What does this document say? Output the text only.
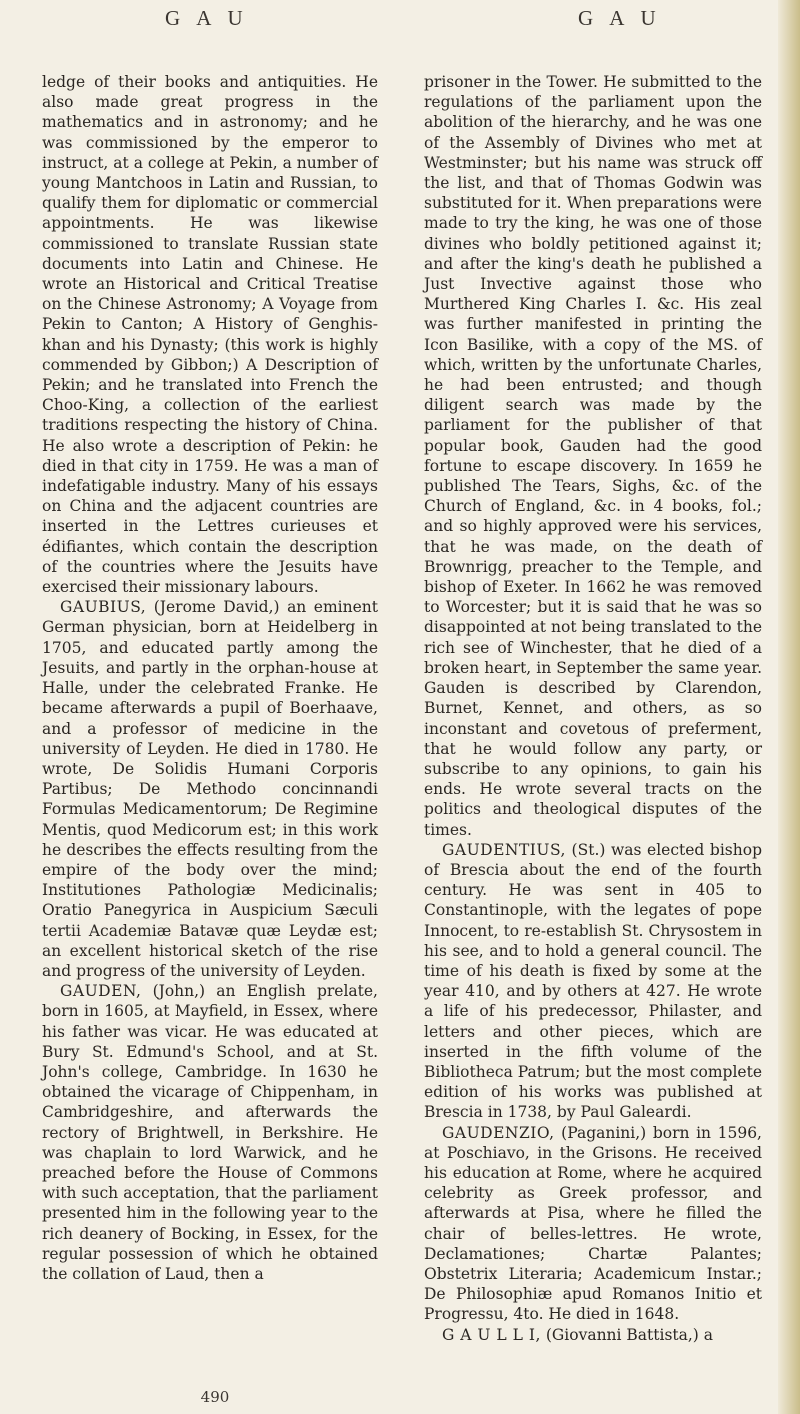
G A U	G A U

ledge of their books and antiquities. He also made great progress in the mathematics and in astronomy; and he was commissioned by the emperor to instruct, at a college at Pekin, a number of young Mantchoos in Latin and Russian, to qualify them for diplomatic or commercial appointments. He was likewise commissioned to translate Russian state documents into Latin and Chinese. He wrote an Historical and Critical Treatise on the Chinese Astronomy; A Voyage from Pekin to Canton; A History of Genghis-khan and his Dynasty; (this work is highly commended by Gibbon;) A Description of Pekin; and he translated into French the Choo-King, a collection of the earliest traditions respecting the history of China. He also wrote a description of Pekin: he died in that city in 1759. He was a man of indefatigable industry. Many of his essays on China and the adjacent countries are inserted in the Lettres curieuses et édifiantes, which contain the description of the countries where the Jesuits have exercised their missionary labours.

GAUBIUS, (Jerome David,) an eminent German physician, born at Heidelberg in 1705, and educated partly among the Jesuits, and partly in the orphan-house at Halle, under the celebrated Franke. He became afterwards a pupil of Boerhaave, and a professor of medicine in the university of Leyden. He died in 1780. He wrote, De Solidis Humani Corporis Partibus; De Methodo concinnandi Formulas Medicamentorum; De Regimine Mentis, quod Medicorum est; in this work he describes the effects resulting from the empire of the body over the mind; Institutiones Pathologiæ Medicinalis; Oratio Panegyrica in Auspicium Sæculi tertii Academiæ Batavæ quæ Leydæ est; an excellent historical sketch of the rise and progress of the university of Leyden.

GAUDEN, (John,) an English prelate, born in 1605, at Mayfield, in Essex, where his father was vicar. He was educated at Bury St. Edmund's School, and at St. John's college, Cambridge. In 1630 he obtained the vicarage of Chippenham, in Cambridgeshire, and afterwards the rectory of Brightwell, in Berkshire. He was chaplain to lord Warwick, and he preached before the House of Commons with such acceptation, that the parliament presented him in the following year to the rich deanery of Bocking, in Essex, for the regular possession of which he obtained the collation of Laud, then a

prisoner in the Tower. He submitted to the regulations of the parliament upon the abolition of the hierarchy, and he was one of the Assembly of Divines who met at Westminster; but his name was struck off the list, and that of Thomas Godwin was substituted for it. When preparations were made to try the king, he was one of those divines who boldly petitioned against it; and after the king's death he published a Just Invective against those who Murthered King Charles I. &c. His zeal was further manifested in printing the Icon Basilike, with a copy of the MS. of which, written by the unfortunate Charles, he had been entrusted; and though diligent search was made by the parliament for the publisher of that popular book, Gauden had the good fortune to escape discovery. In 1659 he published The Tears, Sighs, &c. of the Church of England, &c. in 4 books, fol.; and so highly approved were his services, that he was made, on the death of Brownrigg, preacher to the Temple, and bishop of Exeter. In 1662 he was removed to Worcester; but it is said that he was so disappointed at not being translated to the rich see of Winchester, that he died of a broken heart, in September the same year. Gauden is described by Clarendon, Burnet, Kennet, and others, as so inconstant and covetous of preferment, that he would follow any party, or subscribe to any opinions, to gain his ends. He wrote several tracts on the politics and theological disputes of the times.

GAUDENTIUS, (St.) was elected bishop of Brescia about the end of the fourth century. He was sent in 405 to Constantinople, with the legates of pope Innocent, to re-establish St. Chrysostem in his see, and to hold a general council. The time of his death is fixed by some at the year 410, and by others at 427. He wrote a life of his predecessor, Philaster, and letters and other pieces, which are inserted in the fifth volume of the Bibliotheca Patrum; but the most complete edition of his works was published at Brescia in 1738, by Paul Galeardi.

GAUDENZIO, (Paganini,) born in 1596, at Poschiavo, in the Grisons. He received his education at Rome, where he acquired celebrity as Greek professor, and afterwards at Pisa, where he filled the chair of belles-lettres. He wrote, Declamationes; Chartæ Palantes; Obstetrix Literaria; Academicum Instar.; De Philosophiæ apud Romanos Initio et Progressu, 4to. He died in 1648.

G A U L L I, (Giovanni Battista,) a

490
